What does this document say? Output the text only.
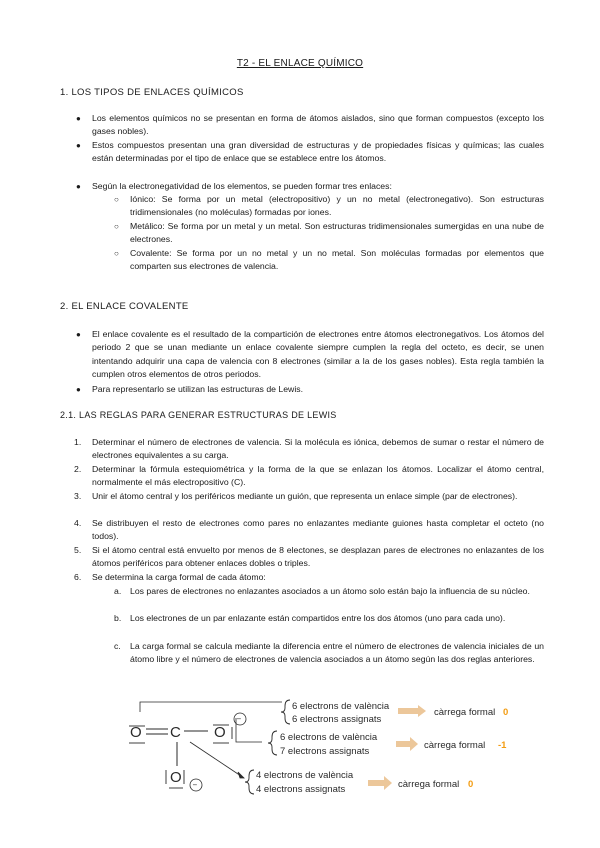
T2 - EL ENLACE QUÍMICO
1. LOS TIPOS DE ENLACES QUÍMICOS
● Los elementos químicos no se presentan en forma de átomos aislados, sino que forman compuestos (excepto los gases nobles).
● Estos compuestos presentan una gran diversidad de estructuras y de propiedades físicas y químicas; las cuales están determinadas por el tipo de enlace que se establece entre los átomos.
● Según la electronegatividad de los elementos, se pueden formar tres enlaces:
○ Iónico: Se forma por un metal (electropositivo) y un no metal (electronegativo). Son estructuras tridimensionales (no moléculas) formadas por iones.
○ Metálico: Se forma por un metal y un metal. Son estructuras tridimensionales sumergidas en una nube de electrones.
○ Covalente: Se forma por un no metal y un no metal. Son moléculas formadas por elementos que comparten sus electrones de valencia.
2. EL ENLACE COVALENTE
● El enlace covalente es el resultado de la compartición de electrones entre átomos electronegativos. Los átomos del periodo 2 que se unan mediante un enlace covalente siempre cumplen la regla del octeto, es decir, se unen intentando adquirir una capa de valencia con 8 electrones (similar a la de los gases nobles). Esta regla también la cumplen otros elementos de otros periodos.
● Para representarlo se utilizan las estructuras de Lewis.
2.1. LAS REGLAS PARA GENERAR ESTRUCTURAS DE LEWIS
1. Determinar el número de electrones de valencia. Si la molécula es iónica, debemos de sumar o restar el número de electrones equivalentes a su carga.
2. Determinar la fórmula estequiométrica y la forma de la que se enlazan los átomos. Localizar el átomo central, normalmente el más electropositivo (C).
3. Unir el átomo central y los periféricos mediante un guión, que representa un enlace simple (par de electrones).
4. Se distribuyen el resto de electrones como pares no enlazantes mediante guiones hasta completar el octeto (no todos).
5. Si el átomo central está envuelto por menos de 8 electones, se desplazan pares de electrones no enlazantes de los átomos periféricos para obtener enlaces dobles o triples.
6. Se determina la carga formal de cada átomo:
a. Los pares de electrones no enlazantes asociados a un átomo solo están bajo la influencia de su núcleo.
b. Los electrones de un par enlazante están compartidos entre los dos átomos (uno para cada uno).
c. La carga formal se calcula mediante la diferencia entre el número de electrones de valencia iniciales de un átomo libre y el número de electrones de valencia asociados a un átomo según las dos reglas anteriores.
O C O
−
O −
6 electrons de valència
6 electrons assignats
càrrega formal 0
6 electrons de valència
7 electrons assignats
càrrega formal -1
4 electrons de valència
4 electrons assignats	càrrega formal 0
